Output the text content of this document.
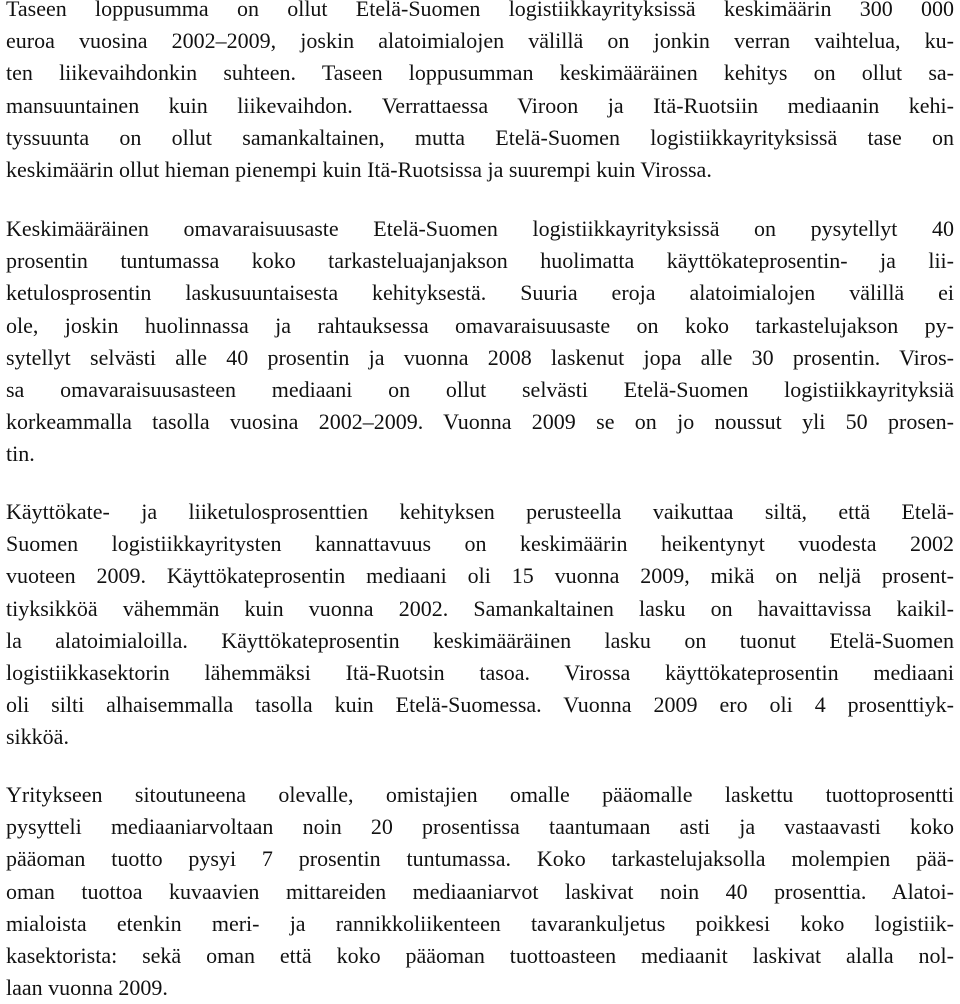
Taseen loppusumma on ollut Etelä-Suomen logistiikkayrityksissä keskimäärin 300 000
euroa vuosina 2002–2009, joskin alatoimialojen välillä on jonkin verran vaihtelua, ku-
ten liikevaihdonkin suhteen. Taseen loppusumman keskimääräinen kehitys on ollut sa-
mansuuntainen kuin liikevaihdon. Verrattaessa Viroon ja Itä-Ruotsiin mediaanin kehi-
tyssuunta on ollut samankaltainen, mutta Etelä-Suomen logistiikkayrityksissä tase on
keskimäärin ollut hieman pienempi kuin Itä-Ruotsissa ja suurempi kuin Virossa.
Keskimääräinen omavaraisuusaste Etelä-Suomen logistiikkayrityksissä on pysytellyt 40
prosentin tuntumassa koko tarkasteluajanjakson huolimatta käyttökateprosentin- ja lii-
ketulosprosentin laskusuuntaisesta kehityksestä. Suuria eroja alatoimialojen välillä ei
ole, joskin huolinnassa ja rahtauksessa omavaraisuusaste on koko tarkastelujakson py-
sytellyt selvästi alle 40 prosentin ja vuonna 2008 laskenut jopa alle 30 prosentin. Viros-
sa omavaraisuusasteen mediaani on ollut selvästi Etelä-Suomen logistiikkayrityksiä
korkeammalla tasolla vuosina 2002–2009. Vuonna 2009 se on jo noussut yli 50 prosen-
tin.
Käyttökate- ja liiketulosprosenttien kehityksen perusteella vaikuttaa siltä, että Etelä-
Suomen logistiikkayritysten kannattavuus on keskimäärin heikentynyt vuodesta 2002
vuoteen 2009. Käyttökateprosentin mediaani oli 15 vuonna 2009, mikä on neljä prosent-
tiyksikköä vähemmän kuin vuonna 2002. Samankaltainen lasku on havaittavissa kaikil-
la alatoimialoilla. Käyttökateprosentin keskimääräinen lasku on tuonut Etelä-Suomen
logistiikkasektorin lähemmäksi Itä-Ruotsin tasoa. Virossa käyttökateprosentin mediaani
oli silti alhaisemmalla tasolla kuin Etelä-Suomessa. Vuonna 2009 ero oli 4 prosenttiyk-
sikköä.
Yritykseen sitoutuneena olevalle, omistajien omalle pääomalle laskettu tuottoprosentti
pysytteli mediaaniarvoltaan noin 20 prosentissa taantumaan asti ja vastaavasti koko
pääoman tuotto pysyi 7 prosentin tuntumassa. Koko tarkastelujaksolla molempien pää-
oman tuottoa kuvaavien mittareiden mediaaniarvot laskivat noin 40 prosenttia. Alatoi-
mialoista etenkin meri- ja rannikkoliikenteen tavarankuljetus poikkesi koko logistiik-
kasektorista: sekä oman että koko pääoman tuottoasteen mediaanit laskivat alalla nol-
laan vuonna 2009.
